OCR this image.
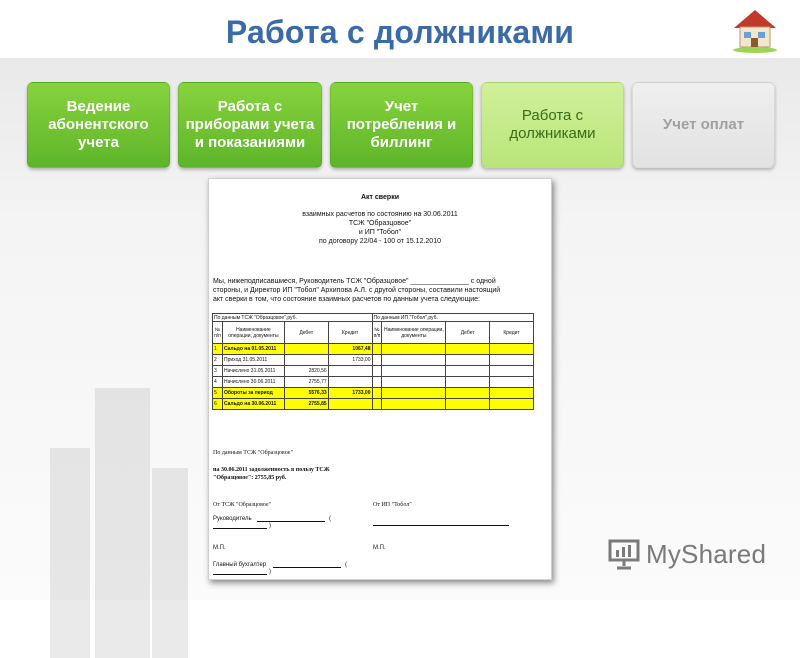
Работа с должниками
Ведение абонентского учета
Работа с приборами учета и показаниями
Учет потребления и биллинг
Работа с должниками
Учет оплат
Акт сверки
взаимных расчетов по состоянию на 30.06.2011
ТСЖ "Образцовое"
и ИП "Тобол"
по договору 22/04 - 100 от 15.12.2010
Мы, нижеподписавшиеся, Руководитель ТСЖ "Образцовое" _______________ с одной
стороны, и Директор ИП "Тобол" Архипова А.Л. с другой стороны, составили настоящий
акт сверки в том, что состояние взаимных расчетов по данным учета следующие:
По данным ТСЖ "Образцовое",руб.				По данным ИП "Тобол",руб.			
№ п/п	Наименование операции, документы	Дебет	Кредит	№ п/п	Наименование операции, документы	Дебет	Кредит
1	Сальдо на 01.05.2011		1067,48				
2	Приход 31.05.2011		1733,00				
3	Начислено 31.05.2011	2820,56					
4	Начислено 30.06.2011	2755,77					
5	Обороты за период	5576,33	1733,00				
6	Сальдо на 30.06.2011	2755,85					
По данным ТСЖ "Образцовое"
на 30.06.2011 задолженность в пользу ТСЖ
"Образцовое": 2755,85 руб.
От ТСЖ "Образцовое"	От ИП "Тобол"
Руководитель	(
)
М.П.	М.П.
Главный бухгалтер	(
)
MyShared
